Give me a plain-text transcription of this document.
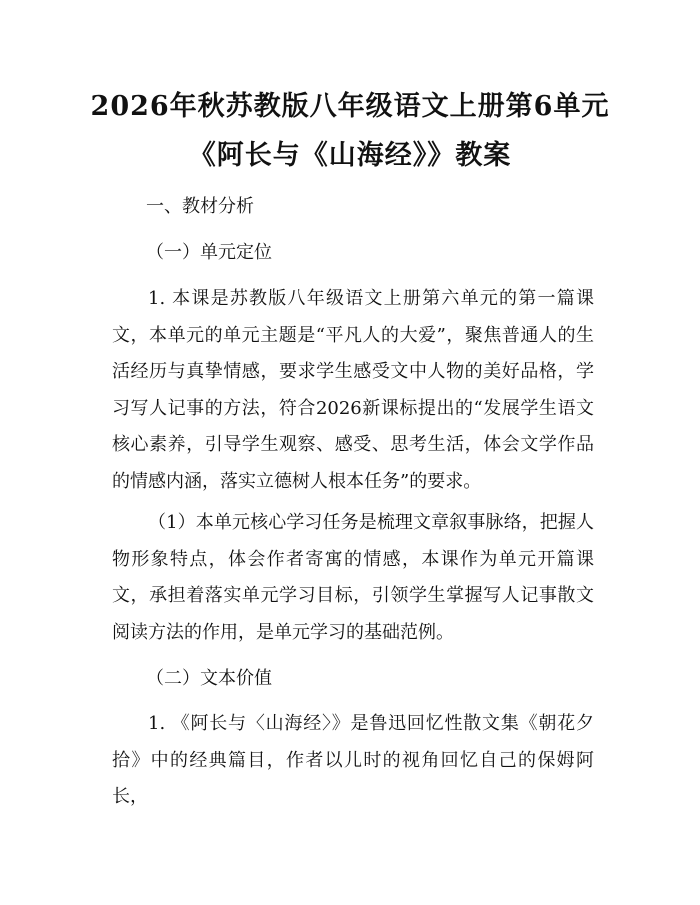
2026年秋苏教版八年级语文上册第6单元
《阿长与《山海经》》教案
一、教材分析
（一）单元定位
1. 本课是苏教版八年级语文上册第六单元的第一篇课文，本单元的单元主题是“平凡人的大爱”，聚焦普通人的生活经历与真挚情感，要求学生感受文中人物的美好品格，学习写人记事的方法，符合2026新课标提出的“发展学生语文核心素养，引导学生观察、感受、思考生活，体会文学作品的情感内涵，落实立德树人根本任务”的要求。
（1）本单元核心学习任务是梳理文章叙事脉络，把握人物形象特点，体会作者寄寓的情感，本课作为单元开篇课文，承担着落实单元学习目标，引领学生掌握写人记事散文阅读方法的作用，是单元学习的基础范例。
（二）文本价值
1. 《阿长与〈山海经〉》是鲁迅回忆性散文集《朝花夕拾》中的经典篇目，作者以儿时的视角回忆自己的保姆阿长，
